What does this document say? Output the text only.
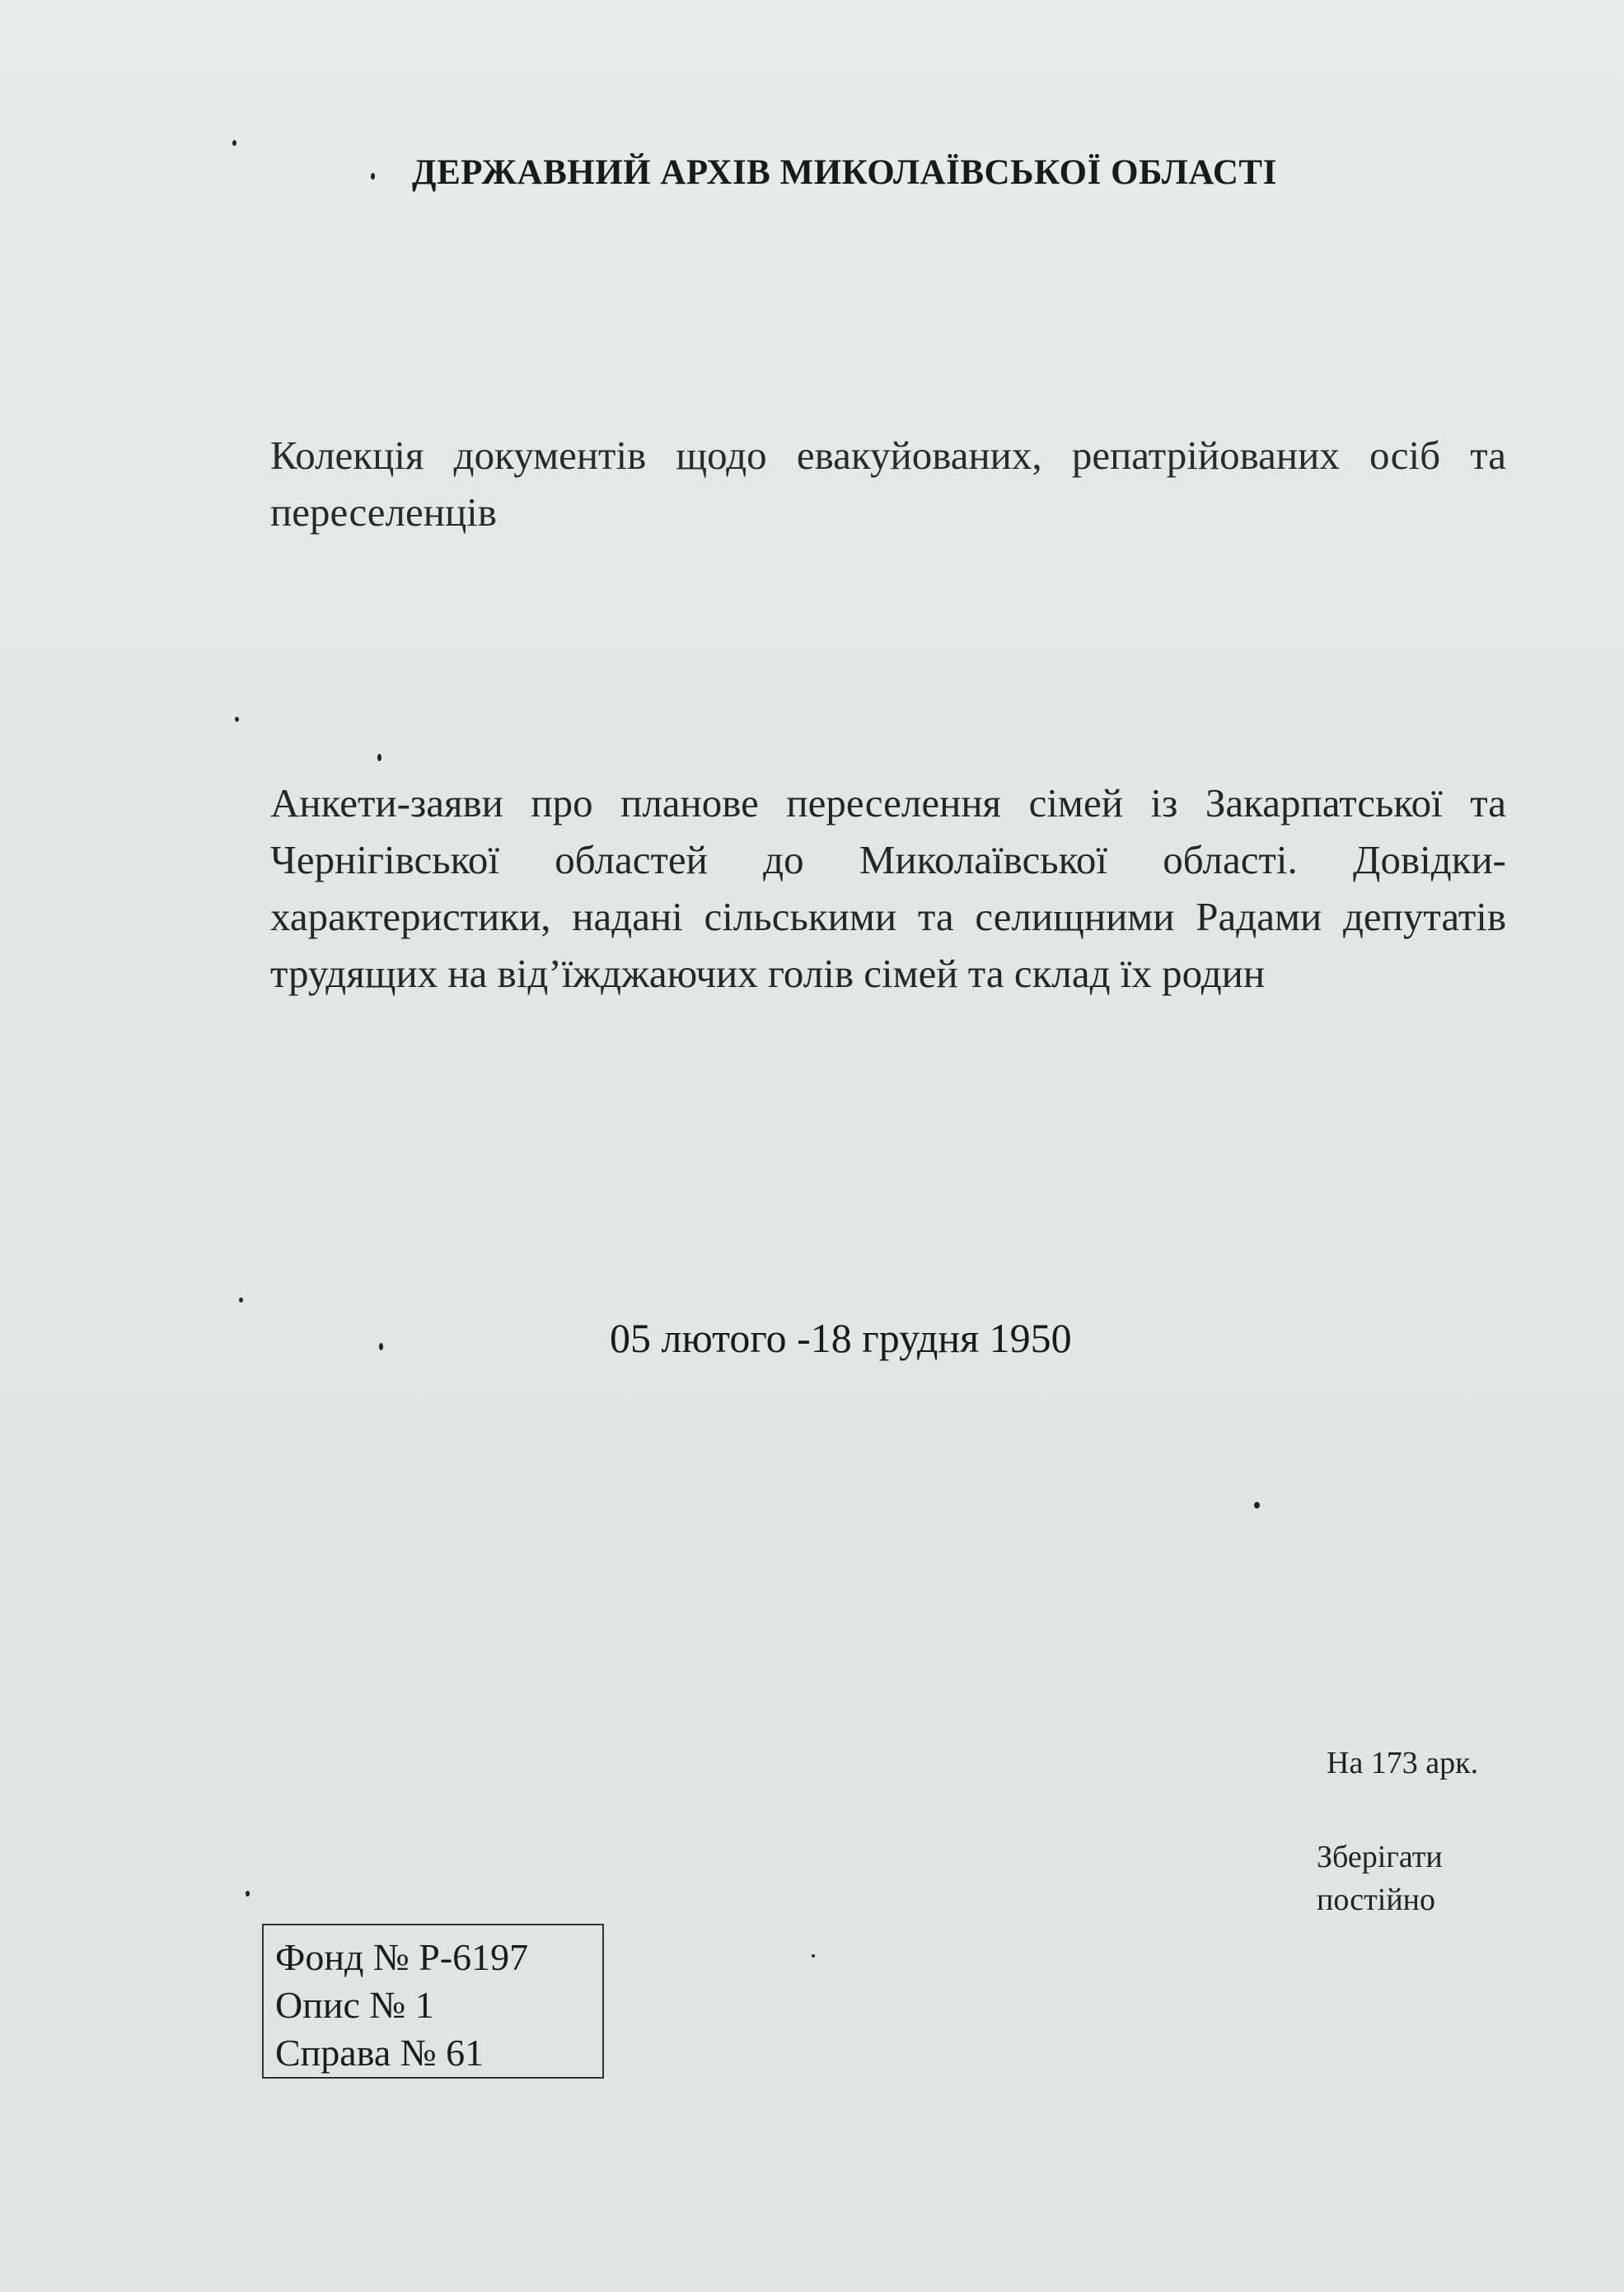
ДЕРЖАВНИЙ АРХІВ МИКОЛАЇВСЬКОЇ ОБЛАСТІ
Колекція документів щодо евакуйованих, репатрійованих осіб та переселенців
Анкети-заяви про планове переселення сімей із Закарпатської та Чернігівської областей до Миколаївської області. Довідки-характеристики, надані сільськими та селищними Радами депутатів трудящих на від’їжджаючих голів сімей та склад їх родин
05 лютого -18 грудня 1950
На 173 арк.
Зберігати
постійно
Фонд № Р-6197
Опис № 1
Справа № 61
